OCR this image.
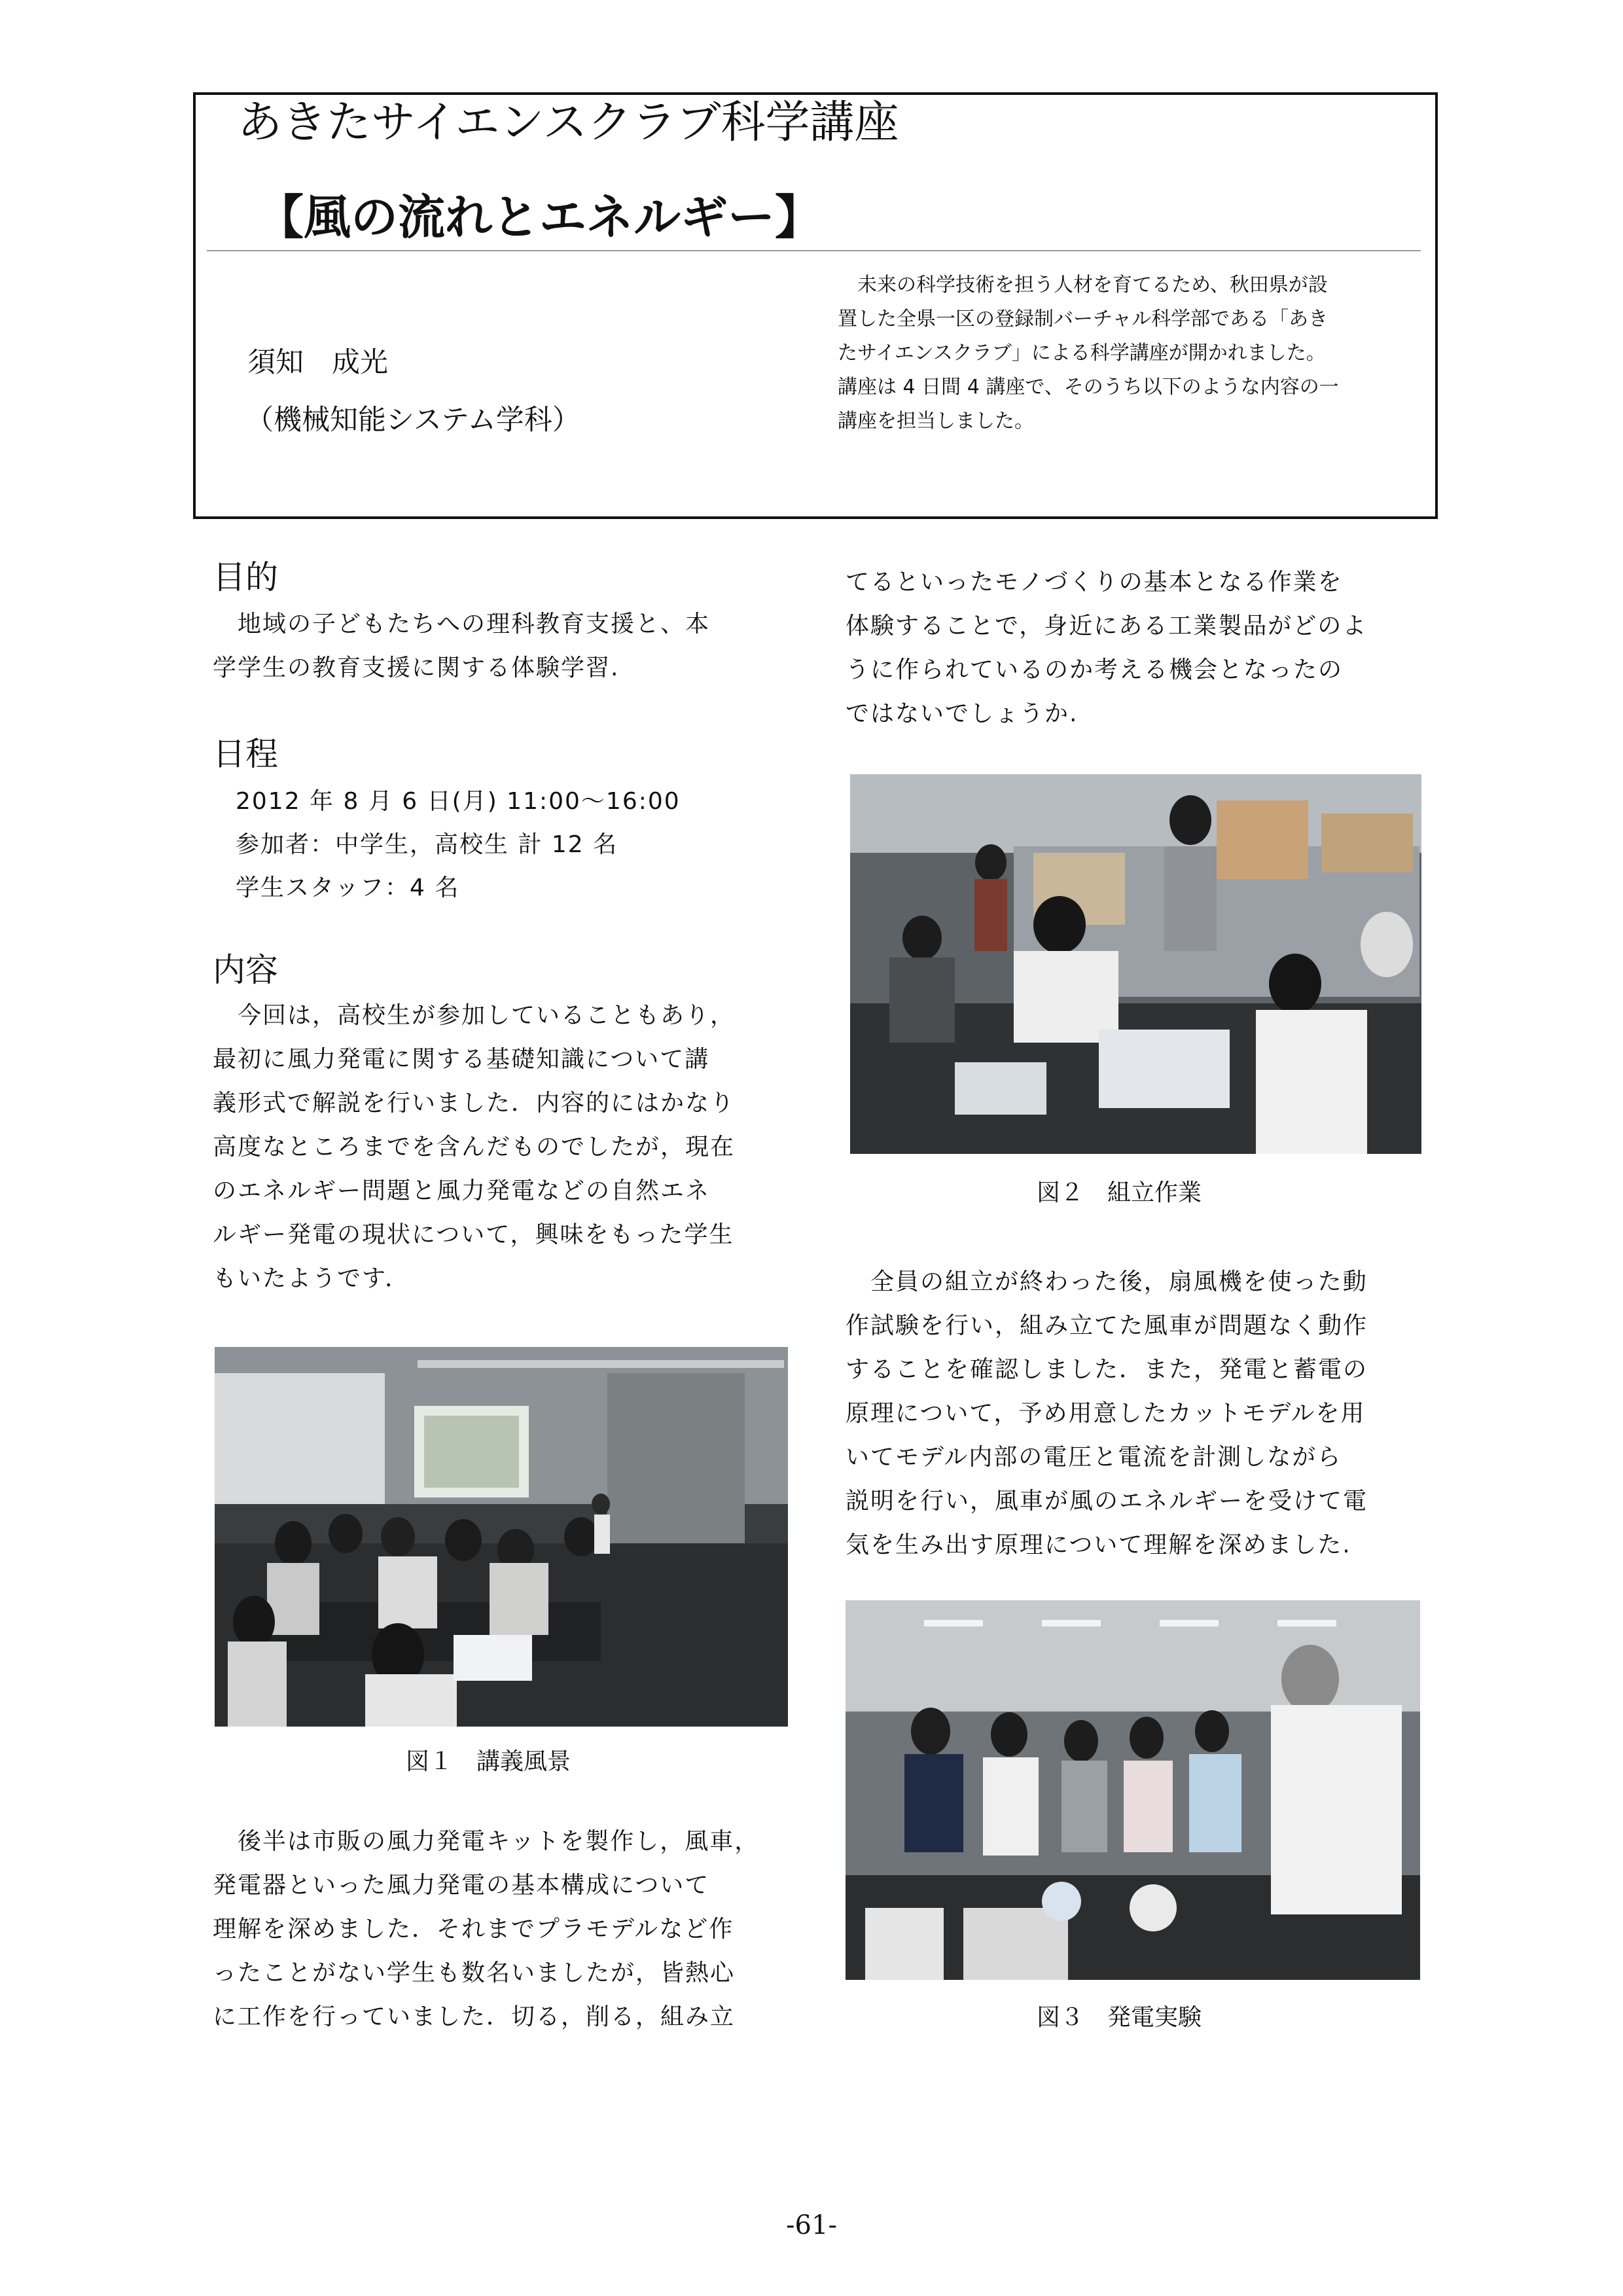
あきたサイエンスクラブ科学講座
【風の流れとエネルギー】
須知　成光
（機械知能システム学科）
　未来の科学技術を担う人材を育てるため、秋田県が設
置した全県一区の登録制バーチャル科学部である「あき
たサイエンスクラブ」による科学講座が開かれました。
講座は 4 日間 4 講座で、そのうち以下のような内容の一
講座を担当しました。
目的
　地域の子どもたちへの理科教育支援と、本
学学生の教育支援に関する体験学習.
日程
2012 年 8 月 6 日(月) 11:00〜16:00
参加者：中学生，高校生 計 12 名
学生スタッフ：4 名
内容
　今回は，高校生が参加していることもあり，
最初に風力発電に関する基礎知識について講
義形式で解説を行いました．内容的にはかなり
高度なところまでを含んだものでしたが，現在
のエネルギー問題と風力発電などの自然エネ
ルギー発電の現状について，興味をもった学生
もいたようです．
図１　講義風景
　後半は市販の風力発電キットを製作し，風車，
発電器といった風力発電の基本構成について
理解を深めました．それまでプラモデルなど作
ったことがない学生も数名いましたが，皆熱心
に工作を行っていました．切る，削る，組み立
てるといったモノづくりの基本となる作業を
体験することで，身近にある工業製品がどのよ
うに作られているのか考える機会となったの
ではないでしょうか.
図２　組立作業
　全員の組立が終わった後，扇風機を使った動
作試験を行い，組み立てた風車が問題なく動作
することを確認しました．また，発電と蓄電の
原理について，予め用意したカットモデルを用
いてモデル内部の電圧と電流を計測しながら
説明を行い，風車が風のエネルギーを受けて電
気を生み出す原理について理解を深めました.
図３　発電実験
-61-
